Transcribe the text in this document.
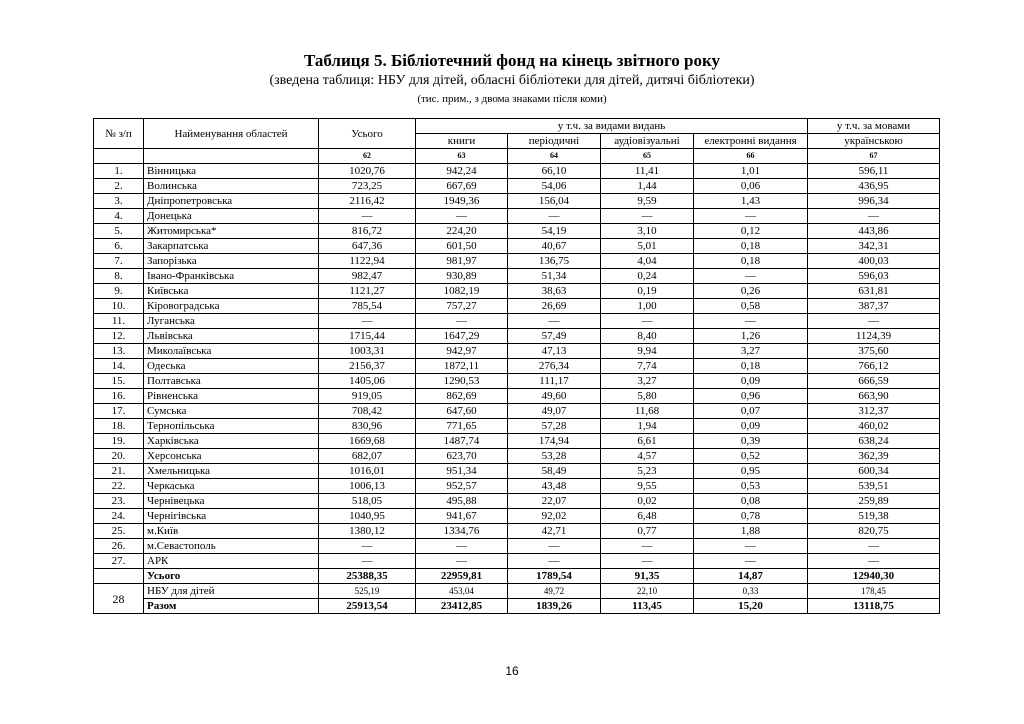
Таблиця 5. Бібліотечний фонд на кінець звітного року
(зведена таблиця: НБУ для дітей, обласні бібліотеки для дітей, дитячі бібліотеки)
(тис. прим., з двома знаками після коми)
№ з/п	Найменування областей	Усього	у т.ч. за видами видань				у т.ч. за мовами
			книги	періодичні	аудіовізуальні	електронні видання	українською
		62	63	64	65	66	67
1.	Вінницька	1020,76	942,24	66,10	11,41	1,01	596,11
2.	Волинська	723,25	667,69	54,06	1,44	0,06	436,95
3.	Дніпропетровська	2116,42	1949,36	156,04	9,59	1,43	996,34
4.	Донецька	—	—	—	—	—	—
5.	Житомирська*	816,72	224,20	54,19	3,10	0,12	443,86
6.	Закарпатська	647,36	601,50	40,67	5,01	0,18	342,31
7.	Запорізька	1122,94	981,97	136,75	4,04	0,18	400,03
8.	Івано-Франківська	982,47	930,89	51,34	0,24	—	596,03
9.	Київська	1121,27	1082,19	38,63	0,19	0,26	631,81
10.	Кіровоградська	785,54	757,27	26,69	1,00	0,58	387,37
11.	Луганська	—	—	—	—	—	—
12.	Львівська	1715,44	1647,29	57,49	8,40	1,26	1124,39
13.	Миколаївська	1003,31	942,97	47,13	9,94	3,27	375,60
14.	Одеська	2156,37	1872,11	276,34	7,74	0,18	766,12
15.	Полтавська	1405,06	1290,53	111,17	3,27	0,09	666,59
16.	Рівненська	919,05	862,69	49,60	5,80	0,96	663,90
17.	Сумська	708,42	647,60	49,07	11,68	0,07	312,37
18.	Тернопільська	830,96	771,65	57,28	1,94	0,09	460,02
19.	Харківська	1669,68	1487,74	174,94	6,61	0,39	638,24
20.	Херсонська	682,07	623,70	53,28	4,57	0,52	362,39
21.	Хмельницька	1016,01	951,34	58,49	5,23	0,95	600,34
22.	Черкаська	1006,13	952,57	43,48	9,55	0,53	539,51
23.	Чернівецька	518,05	495,88	22,07	0,02	0,08	259,89
24.	Чернігівська	1040,95	941,67	92,02	6,48	0,78	519,38
25.	м.Київ	1380,12	1334,76	42,71	0,77	1,88	820,75
26.	м.Севастополь	—	—	—	—	—	—
27.	АРК	—	—	—	—	—	—
	Усього	25388,35	22959,81	1789,54	91,35	14,87	12940,30
28	НБУ для дітей	525,19	453,04	49,72	22,10	0,33	178,45
	Разом	25913,54	23412,85	1839,26	113,45	15,20	13118,75
16
